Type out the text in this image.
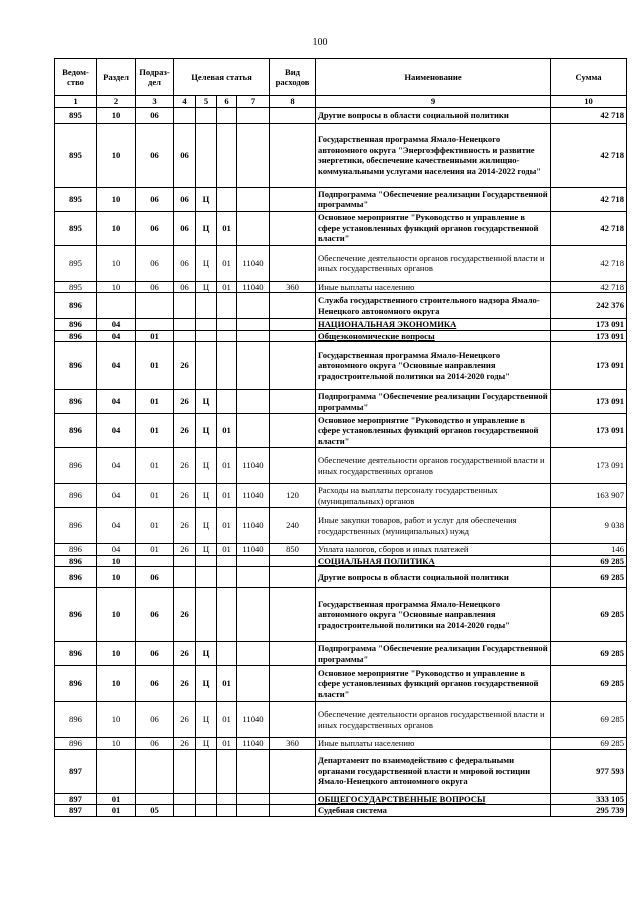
100
Ведом-ство	Раздел	Подраз-дел	Целевая статья				Вид расходов	Наименование	Сумма
1	2	3	4	5	6	7	8	9	10
895	10	06						Другие вопросы в области социальной политики	42 718
895	10	06	06					Государственная программа Ямало-Ненецкого автономного округа "Энергоэффективность и развитие энергетики, обеспечение качественными жилищно-коммунальными услугами населения на 2014-2022 годы"	42 718
895	10	06	06	Ц				Подпрограмма "Обеспечение реализации Государственной программы"	42 718
895	10	06	06	Ц	01			Основное мероприятие "Руководство и управление в сфере установленных функций органов государственной власти"	42 718
895	10	06	06	Ц	01	11040		Обеспечение деятельности органов государственной власти и иных государственных органов	42 718
895	10	06	06	Ц	01	11040	360	Иные выплаты населению	42 718
896								Служба государственного строительного надзора Ямало-Ненецкого автономного округа	242 376
896	04							НАЦИОНАЛЬНАЯ ЭКОНОМИКА	173 091
896	04	01						Общеэкономические вопросы	173 091
896	04	01	26					Государственная программа Ямало-Ненецкого автономного округа "Основные направления градостроительной политики на 2014-2020 годы"	173 091
896	04	01	26	Ц				Подпрограмма "Обеспечение реализации Государственной программы"	173 091
896	04	01	26	Ц	01			Основное мероприятие "Руководство и управление в сфере установленных функций органов государственной власти"	173 091
896	04	01	26	Ц	01	11040		Обеспечение деятельности органов государственной власти и иных государственных органов	173 091
896	04	01	26	Ц	01	11040	120	Расходы на выплаты персоналу государственных (муниципальных) органов	163 907
896	04	01	26	Ц	01	11040	240	Иные закупки товаров, работ и услуг для обеспечения государственных (муниципальных) нужд	9 038
896	04	01	26	Ц	01	11040	850	Уплата налогов, сборов и иных платежей	146
896	10							СОЦИАЛЬНАЯ ПОЛИТИКА	69 285
896	10	06						Другие вопросы в области социальной политики	69 285
896	10	06	26					Государственная программа Ямало-Ненецкого автономного округа "Основные направления градостроительной политики на 2014-2020 годы"	69 285
896	10	06	26	Ц				Подпрограмма "Обеспечение реализации Государственной программы"	69 285
896	10	06	26	Ц	01			Основное мероприятие "Руководство и управление в сфере установленных функций органов государственной власти"	69 285
896	10	06	26	Ц	01	11040		Обеспечение деятельности органов государственной власти и иных государственных органов	69 285
896	10	06	26	Ц	01	11040	360	Иные выплаты населению	69 285
897								Департамент по взаимодействию с федеральными органами государственной власти и мировой юстиции Ямало-Ненецкого автономного округа	977 593
897	01							ОБЩЕГОСУДАРСТВЕННЫЕ ВОПРОСЫ	333 105
897	01	05						Судебная система	295 739
